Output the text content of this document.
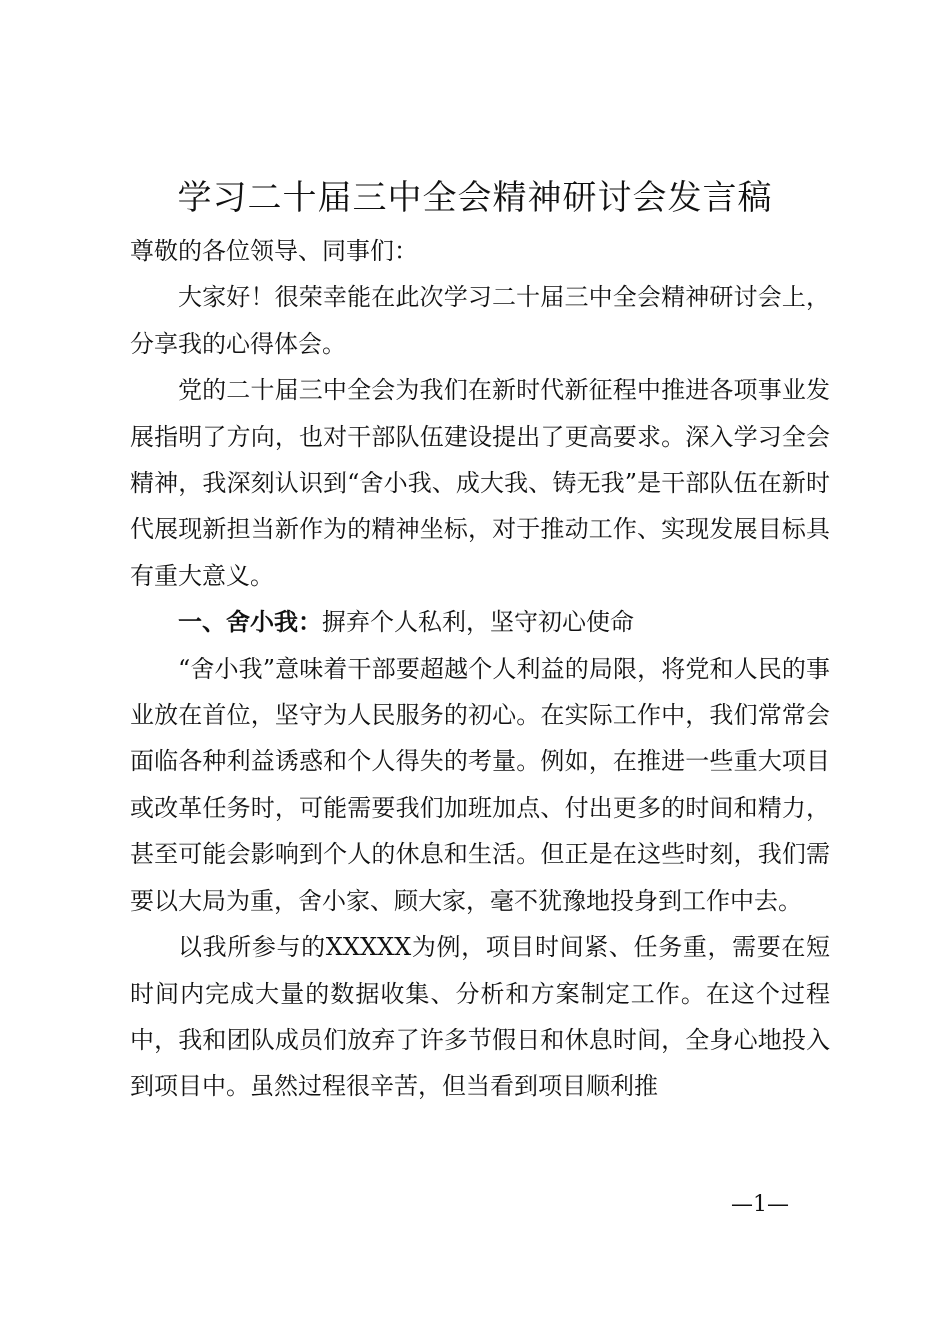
学习二十届三中全会精神研讨会发言稿

尊敬的各位领导、同事们：

大家好！很荣幸能在此次学习二十届三中全会精神研讨会上，分享我的心得体会。

党的二十届三中全会为我们在新时代新征程中推进各项事业发展指明了方向，也对干部队伍建设提出了更高要求。深入学习全会精神，我深刻认识到“舍小我、成大我、铸无我”是干部队伍在新时代展现新担当新作为的精神坐标，对于推动工作、实现发展目标具有重大意义。

一、舍小我：摒弃个人私利，坚守初心使命

“舍小我”意味着干部要超越个人利益的局限，将党和人民的事业放在首位，坚守为人民服务的初心。在实际工作中，我们常常会面临各种利益诱惑和个人得失的考量。例如，在推进一些重大项目或改革任务时，可能需要我们加班加点、付出更多的时间和精力，甚至可能会影响到个人的休息和生活。但正是在这些时刻，我们需要以大局为重，舍小家、顾大家，毫不犹豫地投身到工作中去。

以我所参与的XXXXX为例，项目时间紧、任务重，需要在短时间内完成大量的数据收集、分析和方案制定工作。在这个过程中，我和团队成员们放弃了许多节假日和休息时间，全身心地投入到项目中。虽然过程很辛苦，但当看到项目顺利推

—1—
